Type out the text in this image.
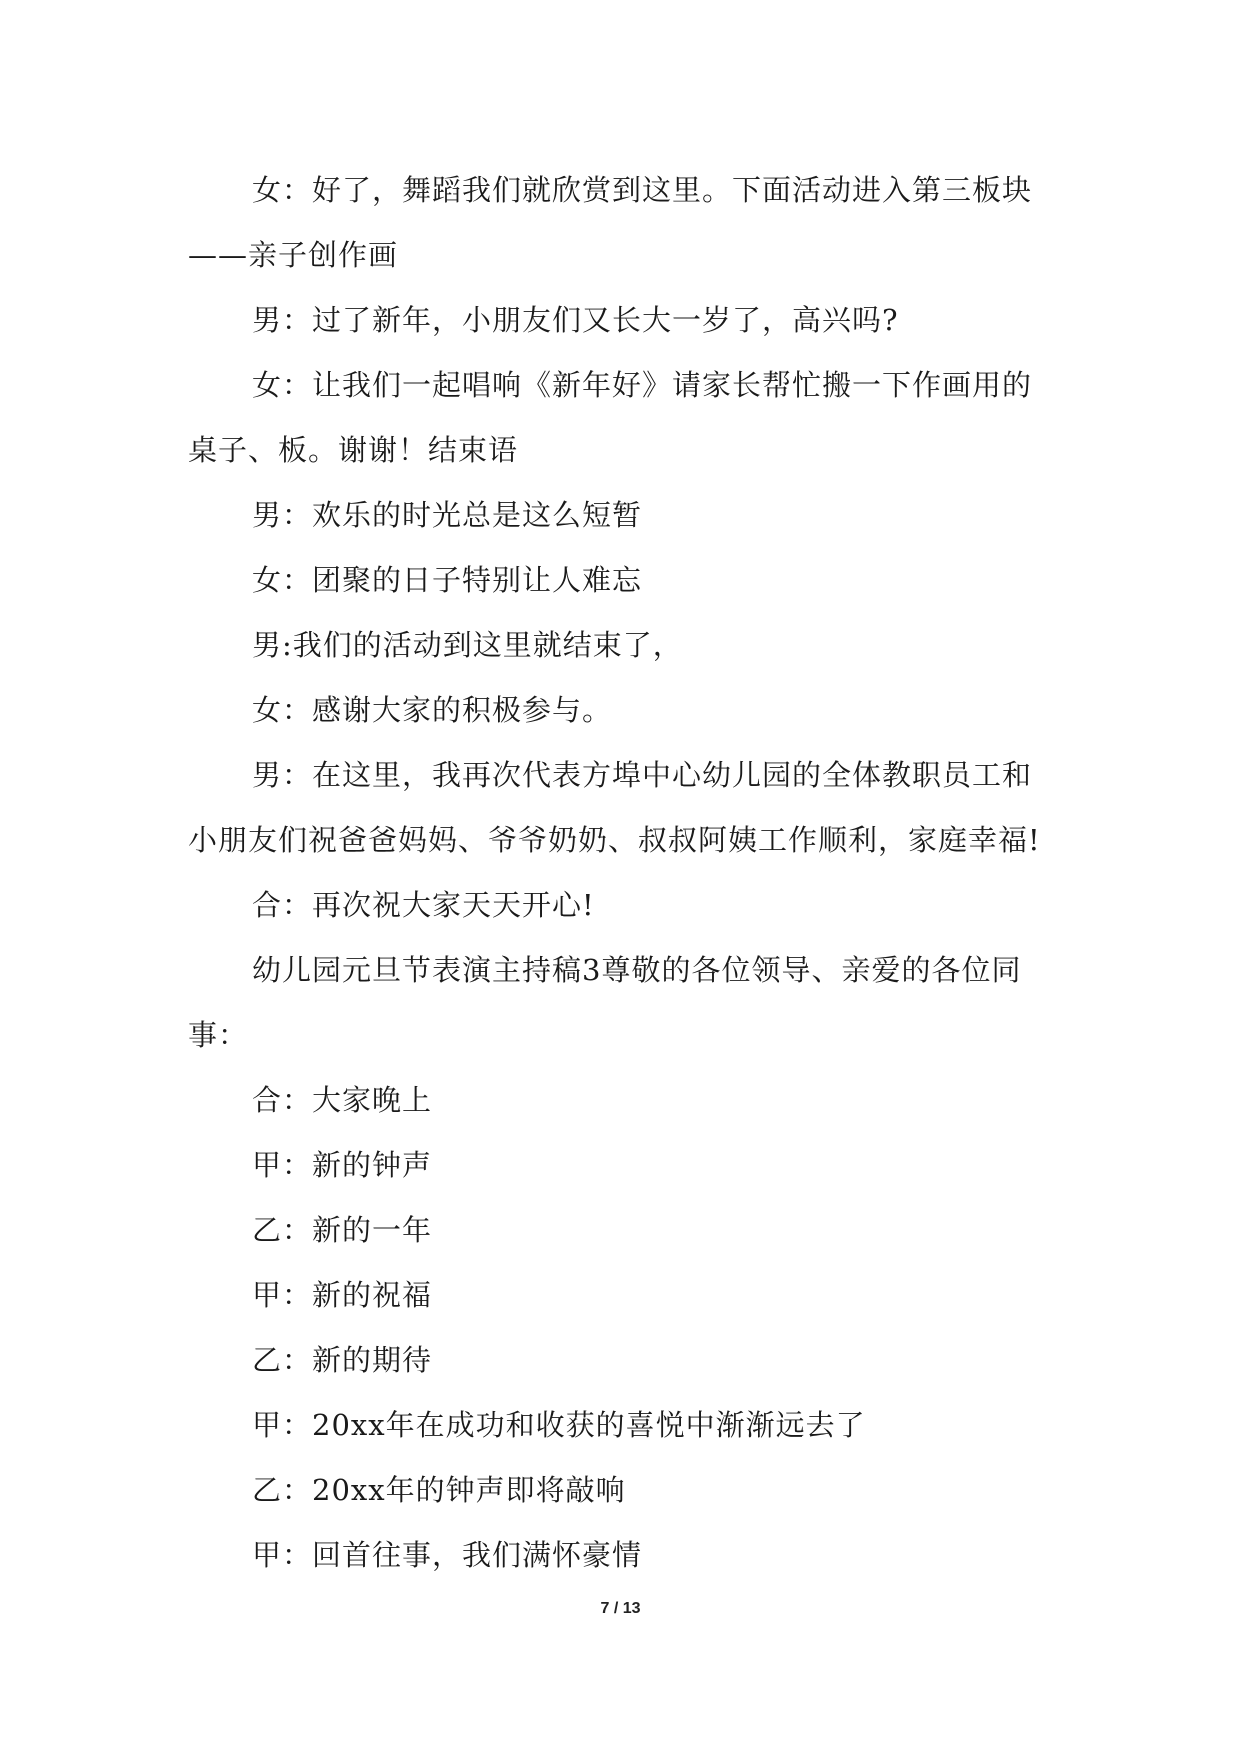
女：好了，舞蹈我们就欣赏到这里。下面活动进入第三板块——亲子创作画

男：过了新年，小朋友们又长大一岁了，高兴吗?

女：让我们一起唱响《新年好》请家长帮忙搬一下作画用的桌子、板。谢谢！结束语

男：欢乐的时光总是这么短暂

女：团聚的日子特别让人难忘

男:我们的活动到这里就结束了，

女：感谢大家的积极参与。

男：在这里，我再次代表方埠中心幼儿园的全体教职员工和小朋友们祝爸爸妈妈、爷爷奶奶、叔叔阿姨工作顺利，家庭幸福!

合：再次祝大家天天开心!

幼儿园元旦节表演主持稿3尊敬的各位领导、亲爱的各位同事：

合：大家晚上

甲：新的钟声

乙：新的一年

甲：新的祝福

乙：新的期待

甲：20xx年在成功和收获的喜悦中渐渐远去了

乙：20xx年的钟声即将敲响

甲：回首往事，我们满怀豪情

7 / 13
